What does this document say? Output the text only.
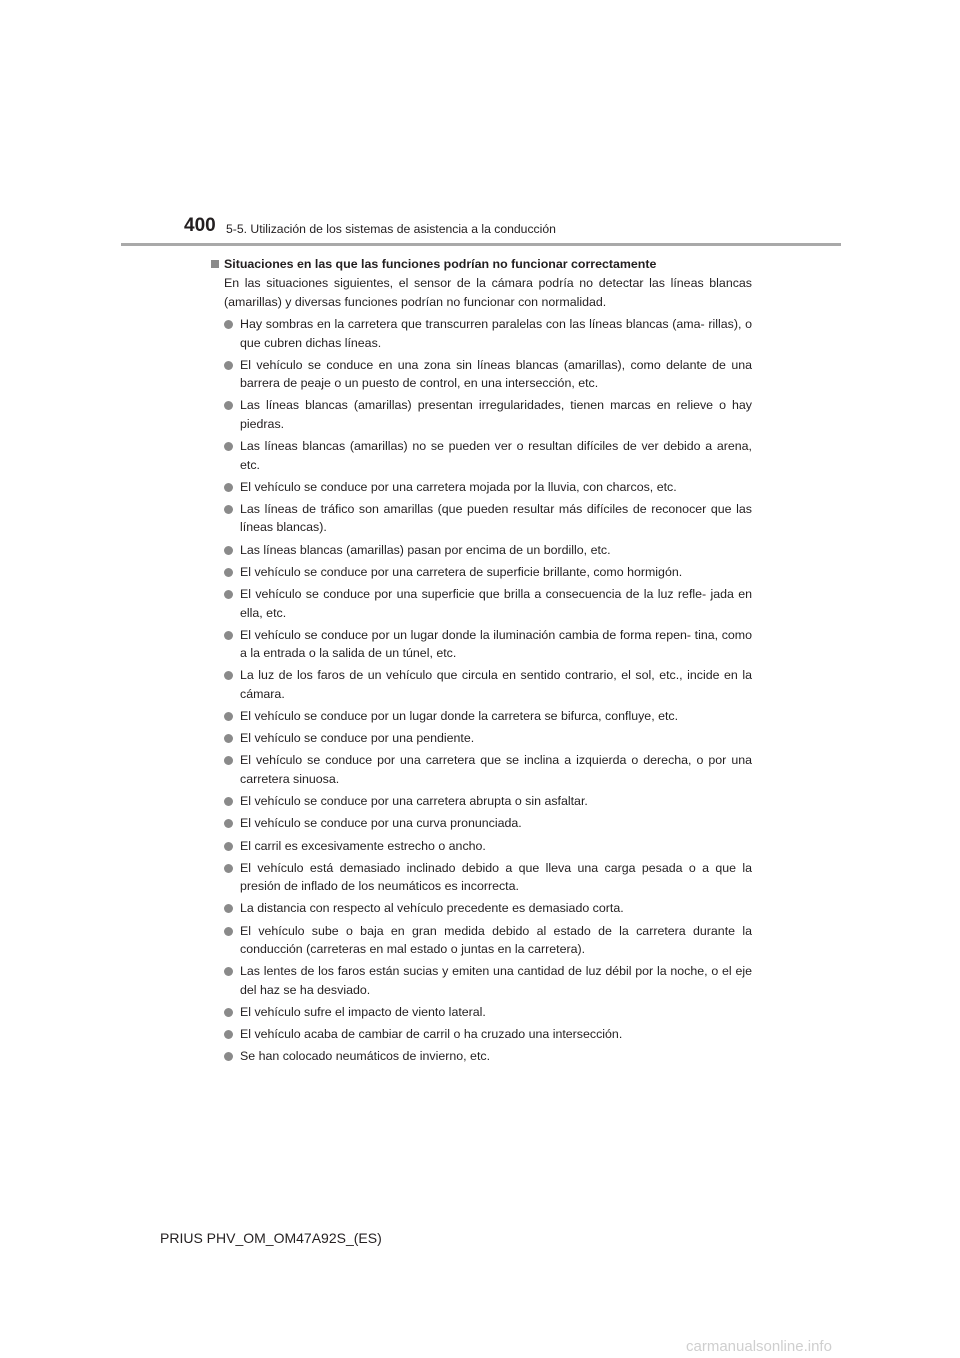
400 5-5. Utilización de los sistemas de asistencia a la conducción
Situaciones en las que las funciones podrían no funcionar correctamente
En las situaciones siguientes, el sensor de la cámara podría no detectar las líneas blancas (amarillas) y diversas funciones podrían no funcionar con normalidad.
Hay sombras en la carretera que transcurren paralelas con las líneas blancas (ama- rillas), o que cubren dichas líneas.
El vehículo se conduce en una zona sin líneas blancas (amarillas), como delante de una barrera de peaje o un puesto de control, en una intersección, etc.
Las líneas blancas (amarillas) presentan irregularidades, tienen marcas en relieve o hay piedras.
Las líneas blancas (amarillas) no se pueden ver o resultan difíciles de ver debido a arena, etc.
El vehículo se conduce por una carretera mojada por la lluvia, con charcos, etc.
Las líneas de tráfico son amarillas (que pueden resultar más difíciles de reconocer que las líneas blancas).
Las líneas blancas (amarillas) pasan por encima de un bordillo, etc.
El vehículo se conduce por una carretera de superficie brillante, como hormigón.
El vehículo se conduce por una superficie que brilla a consecuencia de la luz refle- jada en ella, etc.
El vehículo se conduce por un lugar donde la iluminación cambia de forma repen- tina, como a la entrada o la salida de un túnel, etc.
La luz de los faros de un vehículo que circula en sentido contrario, el sol, etc., incide en la cámara.
El vehículo se conduce por un lugar donde la carretera se bifurca, confluye, etc.
El vehículo se conduce por una pendiente.
El vehículo se conduce por una carretera que se inclina a izquierda o derecha, o por una carretera sinuosa.
El vehículo se conduce por una carretera abrupta o sin asfaltar.
El vehículo se conduce por una curva pronunciada.
El carril es excesivamente estrecho o ancho.
El vehículo está demasiado inclinado debido a que lleva una carga pesada o a que la presión de inflado de los neumáticos es incorrecta.
La distancia con respecto al vehículo precedente es demasiado corta.
El vehículo sube o baja en gran medida debido al estado de la carretera durante la conducción (carreteras en mal estado o juntas en la carretera).
Las lentes de los faros están sucias y emiten una cantidad de luz débil por la noche, o el eje del haz se ha desviado.
El vehículo sufre el impacto de viento lateral.
El vehículo acaba de cambiar de carril o ha cruzado una intersección.
Se han colocado neumáticos de invierno, etc.
PRIUS PHV_OM_OM47A92S_(ES)
carmanualsonline.info
